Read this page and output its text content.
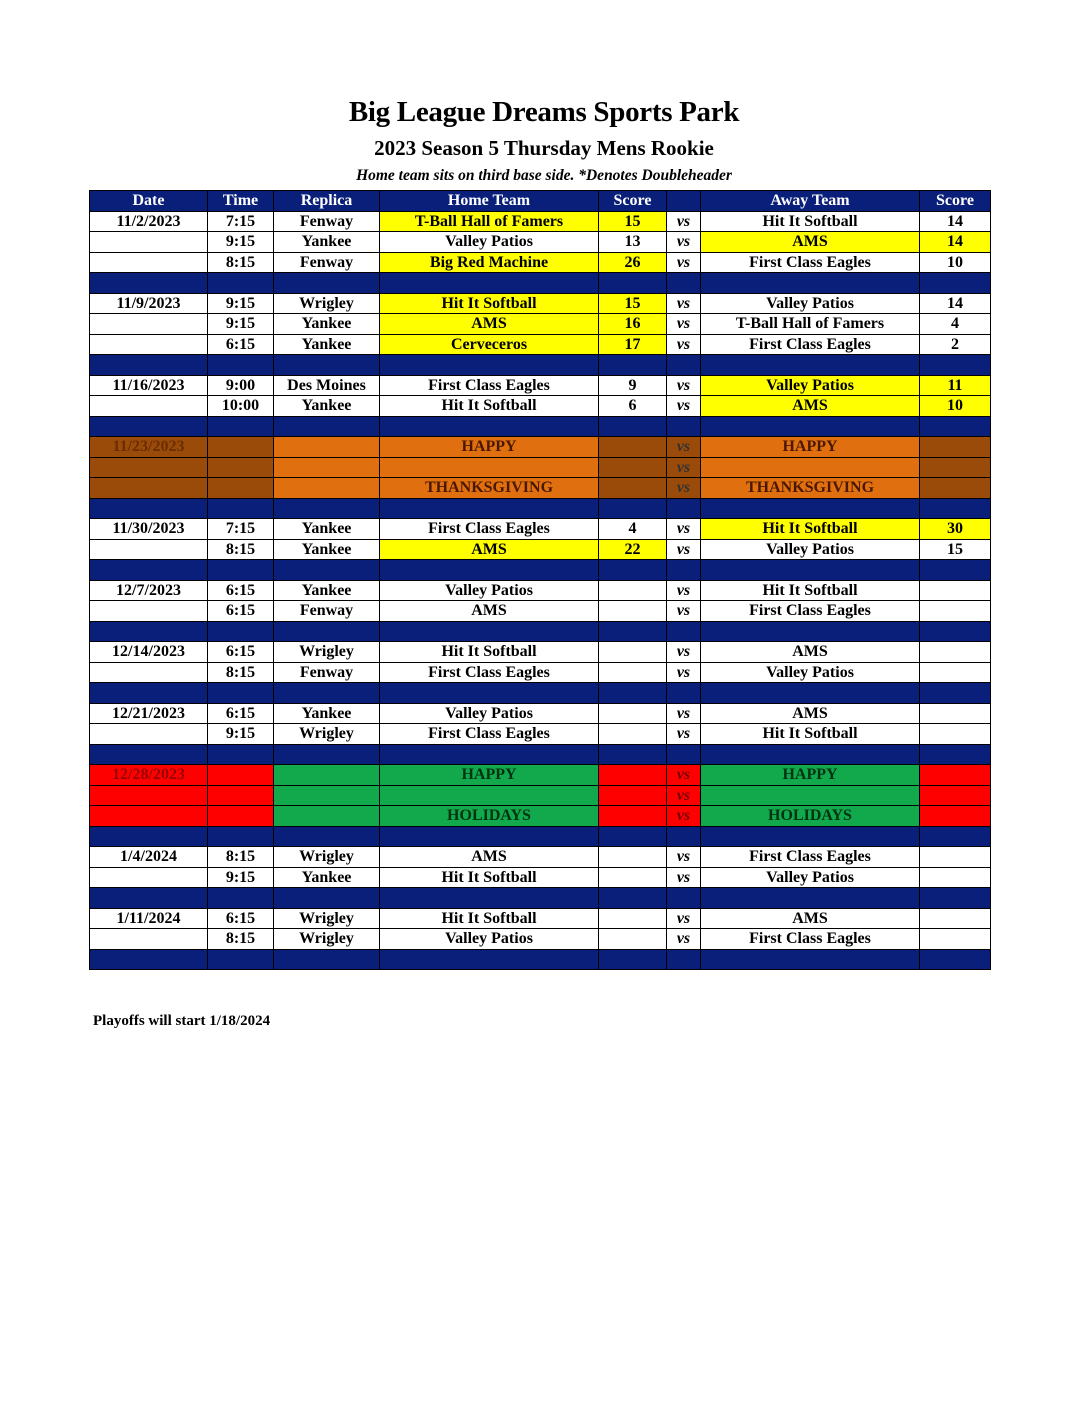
Big League Dreams Sports Park
2023 Season 5 Thursday Mens Rookie
Home team sits on third base side. *Denotes Doubleheader
Date	Time	Replica	Home Team	Score		Away Team	Score
11/2/2023	7:15	Fenway	T-Ball Hall of Famers	15	vs	Hit It Softball	14
	9:15	Yankee	Valley Patios	13	vs	AMS	14
	8:15	Fenway	Big Red Machine	26	vs	First Class Eagles	10

11/9/2023	9:15	Wrigley	Hit It Softball	15	vs	Valley Patios	14
	9:15	Yankee	AMS	16	vs	T-Ball Hall of Famers	4
	6:15	Yankee	Cerveceros	17	vs	First Class Eagles	2

11/16/2023	9:00	Des Moines	First Class Eagles	9	vs	Valley Patios	11
	10:00	Yankee	Hit It Softball	6	vs	AMS	10

11/23/2023			HAPPY		vs	HAPPY	
					vs		
			THANKSGIVING		vs	THANKSGIVING	

11/30/2023	7:15	Yankee	First Class Eagles	4	vs	Hit It Softball	30
	8:15	Yankee	AMS	22	vs	Valley Patios	15

12/7/2023	6:15	Yankee	Valley Patios		vs	Hit It Softball	
	6:15	Fenway	AMS		vs	First Class Eagles	

12/14/2023	6:15	Wrigley	Hit It Softball		vs	AMS	
	8:15	Fenway	First Class Eagles		vs	Valley Patios	

12/21/2023	6:15	Yankee	Valley Patios		vs	AMS	
	9:15	Wrigley	First Class Eagles		vs	Hit It Softball	

12/28/2023			HAPPY		vs	HAPPY	
					vs		
			HOLIDAYS		vs	HOLIDAYS	

1/4/2024	8:15	Wrigley	AMS		vs	First Class Eagles	
	9:15	Yankee	Hit It Softball		vs	Valley Patios	

1/11/2024	6:15	Wrigley	Hit It Softball		vs	AMS	
	8:15	Wrigley	Valley Patios		vs	First Class Eagles	

Playoffs will start 1/18/2024
